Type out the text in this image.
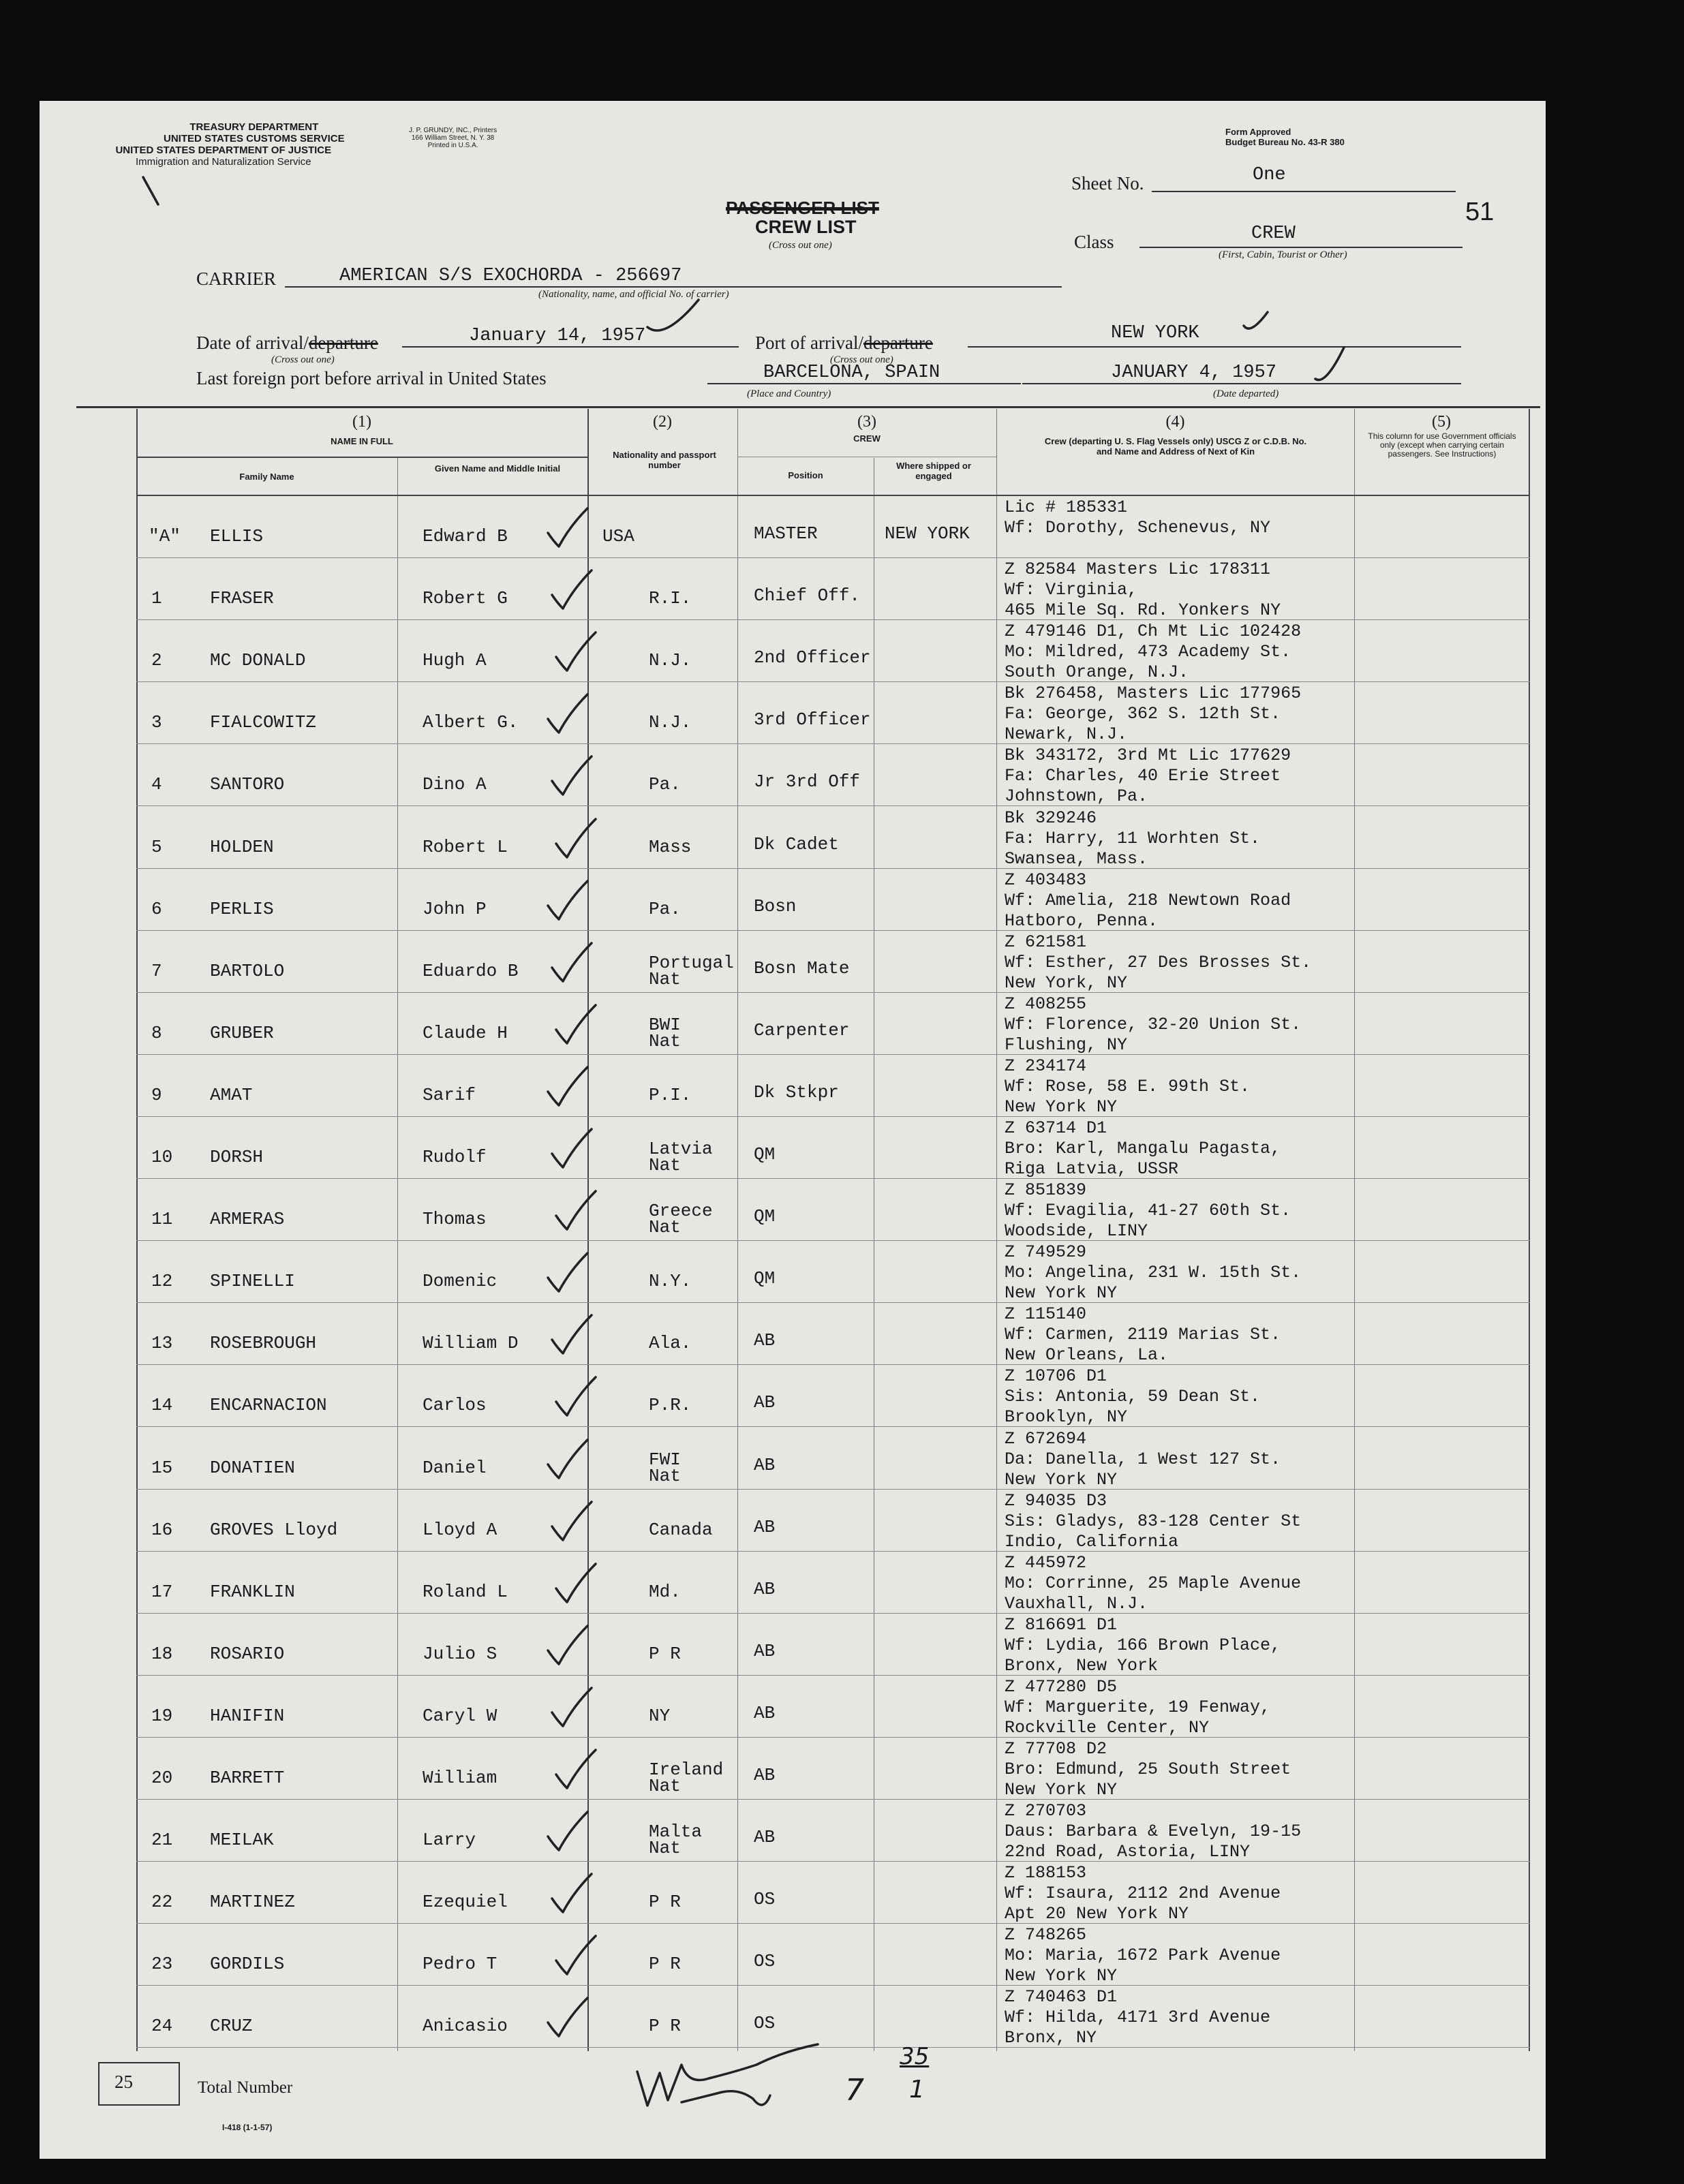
TREASURY DEPARTMENT
UNITED STATES CUSTOMS SERVICE
UNITED STATES DEPARTMENT OF JUSTICE
Immigration and Naturalization Service
J. P. GRUNDY, INC., Printers
166 William Street, N. Y. 38
Printed in U.S.A.
Form Approved
Budget Bureau No. 43-R 380
PASSENGER LIST
CREW LIST
(Cross out one)
Sheet No.	One
51
Class	CREW
(First, Cabin, Tourist or Other)
CARRIER	AMERICAN S/S EXOCHORDA - 256697
(Nationality, name, and official No. of carrier)
Date of arrival/departure
(Cross out one)
January 14, 1957	Port of arrival/departure
(Cross out one)
NEW YORK
Last foreign port before arrival in United States	BARCELONA, SPAIN
(Place and Country)
JANUARY 4, 1957
(Date departed)
(1)
NAME IN FULL
Family Name
Given Name and Middle Initial
(2)
Nationality and passport number
(3)
CREW
Position
Where shipped or engaged
(4)
Crew (departing U. S. Flag Vessels only) USCG Z or C.D.B. No. and Name and Address of Next of Kin
(5)
This column for use Government officials only (except when carrying certain passengers. See Instructions)
"A" ELLIS	Edward B	USA	MASTER	NEW YORK
Lic # 185331
Wf: Dorothy, Schenevus, NY
1	FRASER	Robert G	R.I.	Chief Off.
Z 82584 Masters Lic 178311
Wf: Virginia,
465 Mile Sq. Rd. Yonkers NY
2	MC DONALD	Hugh A	N.J.	2nd Officer
Z 479146 D1, Ch Mt Lic 102428
Mo: Mildred, 473 Academy St.
South Orange, N.J.
3	FIALCOWITZ	Albert G.	N.J.	3rd Officer
Bk 276458, Masters Lic 177965
Fa: George, 362 S. 12th St.
Newark, N.J.
4	SANTORO	Dino A	Pa.	Jr 3rd Off
Bk 343172, 3rd Mt Lic 177629
Fa: Charles, 40 Erie Street
Johnstown, Pa.
5	HOLDEN	Robert L	Mass	Dk Cadet
Bk 329246
Fa: Harry, 11 Worhten St.
Swansea, Mass.
6	PERLIS	John P	Pa.	Bosn
Z 403483
Wf: Amelia, 218 Newtown Road
Hatboro, Penna.
7	BARTOLO	Eduardo B	Portugal
Nat
Bosn Mate
Z 621581
Wf: Esther, 27 Des Brosses St.
New York, NY
8	GRUBER	Claude H	BWI
Nat
Carpenter
Z 408255
Wf: Florence, 32-20 Union St.
Flushing, NY
9	AMAT	Sarif	P.I.	Dk Stkpr
Z 234174
Wf: Rose, 58 E. 99th St.
New York NY
10 DORSH	Rudolf	Latvia
Nat
QM
Z 63714 D1
Bro: Karl, Mangalu Pagasta,
Riga Latvia, USSR
11 ARMERAS	Thomas	Greece
Nat
QM
Z 851839
Wf: Evagilia, 41-27 60th St.
Woodside, LINY
12 SPINELLI	Domenic	N.Y.	QM
Z 749529
Mo: Angelina, 231 W. 15th St.
New York NY
13 ROSEBROUGH	William D	Ala.	AB
Z 115140
Wf: Carmen, 2119 Marias St.
New Orleans, La.
14 ENCARNACION	Carlos	P.R.	AB
Z 10706 D1
Sis: Antonia, 59 Dean St.
Brooklyn, NY
15 DONATIEN	Daniel	FWI
Nat
AB
Z 672694
Da: Danella, 1 West 127 St.
New York NY
16 GROVES Lloyd	Lloyd A	Canada AB
Z 94035 D3
Sis: Gladys, 83-128 Center St
Indio, California
17 FRANKLIN	Roland L	Md.	AB
Z 445972
Mo: Corrinne, 25 Maple Avenue
Vauxhall, N.J.
18 ROSARIO	Julio S	P R	AB
Z 816691 D1
Wf: Lydia, 166 Brown Place,
Bronx, New York
19 HANIFIN	Caryl W	NY	AB
Z 477280 D5
Wf: Marguerite, 19 Fenway,
Rockville Center, NY
20 BARRETT	William	Ireland
Nat
AB
Z 77708 D2
Bro: Edmund, 25 South Street
New York NY
21 MEILAK	Larry	Malta
Nat
AB
Z 270703
Daus: Barbara & Evelyn, 19-15
22nd Road, Astoria, LINY
22 MARTINEZ	Ezequiel	P R	OS
Z 188153
Wf: Isaura, 2112 2nd Avenue
Apt 20 New York NY
23 GORDILS	Pedro T	P R	OS
Z 748265
Mo: Maria, 1672 Park Avenue
New York NY
24 CRUZ	Anicasio	P R	OS
Z 740463 D1
Wf: Hilda, 4171 3rd Avenue
Bronx, NY
25	Total Number
I-418 (1-1-57)
7
35
1
